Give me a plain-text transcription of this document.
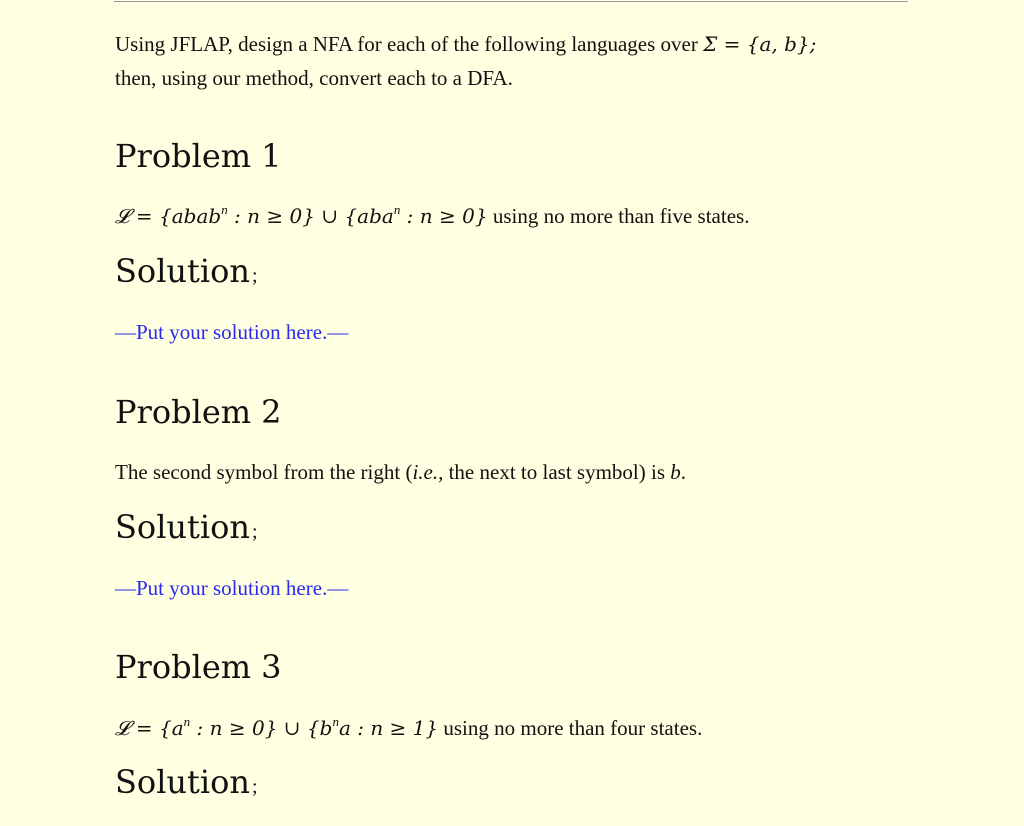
Using JFLAP, design a NFA for each of the following languages over Σ = {a, b};
then, using our method, convert each to a DFA.
Problem 1
𝓛 = {abab$^n$ : n ≥ 0} ∪ {aba$^n$ : n ≥ 0} using no more than five states.
Solution ;
—Put your solution here.—
Problem 2
The second symbol from the right (i.e., the next to last symbol) is b.
Solution ;
—Put your solution here.—
Problem 3
𝓛 = {$a^n$ : n ≥ 0} ∪ {$b^na$ : n ≥ 1} using no more than four states.
Solution ;
